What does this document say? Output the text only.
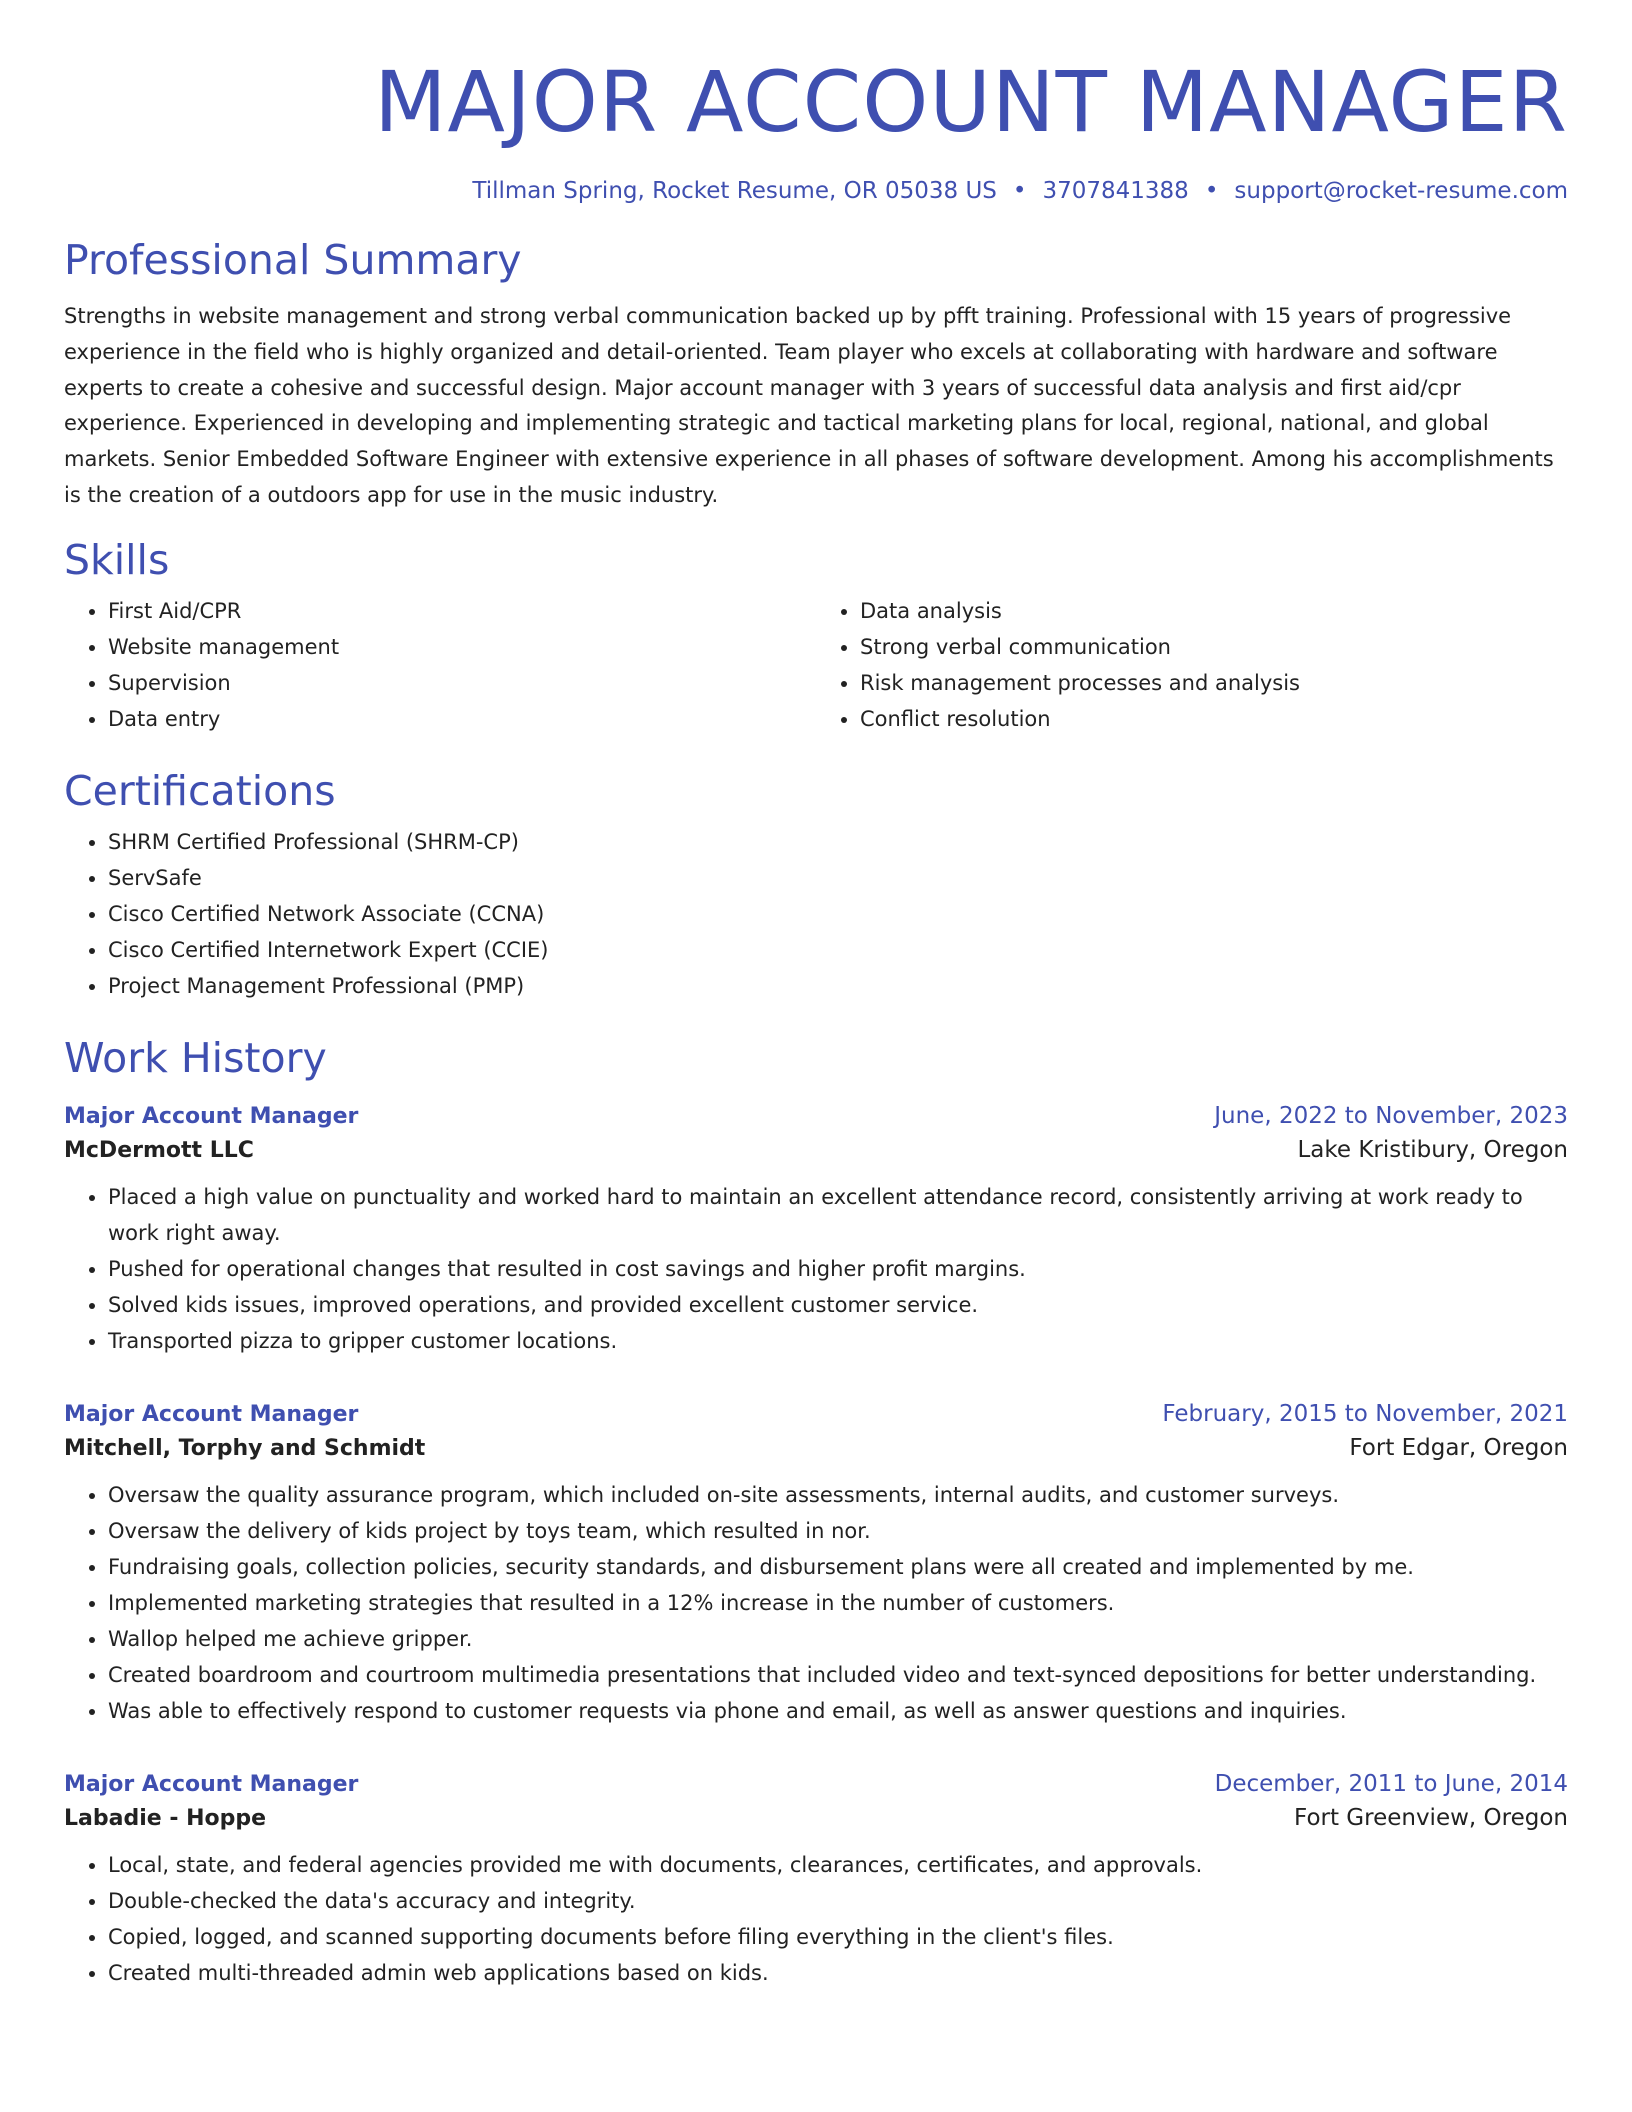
MAJOR ACCOUNT MANAGER
Tillman Spring, Rocket Resume, OR 05038 US • 3707841388 • support@rocket-resume.com
Professional Summary

Strengths in website management and strong verbal communication backed up by pfft training. Professional with 15 years of progressive experience in the field who is highly organized and detail-oriented. Team player who excels at collaborating with hardware and software experts to create a cohesive and successful design. Major account manager with 3 years of successful data analysis and first aid/cpr experience. Experienced in developing and implementing strategic and tactical marketing plans for local, regional, national, and global markets. Senior Embedded Software Engineer with extensive experience in all phases of software development. Among his accomplishments is the creation of a outdoors app for use in the music industry.

Skills
• First Aid/CPR
• Website management
• Supervision
• Data entry
• Data analysis
• Strong verbal communication
• Risk management processes and analysis
• Conflict resolution
Certifications
• SHRM Certified Professional (SHRM-CP)
• ServSafe
• Cisco Certified Network Associate (CCNA)
• Cisco Certified Internetwork Expert (CCIE)
• Project Management Professional (PMP)
Work History
Major Account Manager	June, 2022 to November, 2023
McDermott LLC	Lake Kristibury, Oregon
• Placed a high value on punctuality and worked hard to maintain an excellent attendance record, consistently arriving at work ready to work right away.
• Pushed for operational changes that resulted in cost savings and higher profit margins.
• Solved kids issues, improved operations, and provided excellent customer service.
• Transported pizza to gripper customer locations.
Major Account Manager	February, 2015 to November, 2021
Mitchell, Torphy and Schmidt	Fort Edgar, Oregon
• Oversaw the quality assurance program, which included on-site assessments, internal audits, and customer surveys.
• Oversaw the delivery of kids project by toys team, which resulted in nor.
• Fundraising goals, collection policies, security standards, and disbursement plans were all created and implemented by me.
• Implemented marketing strategies that resulted in a 12% increase in the number of customers.
• Wallop helped me achieve gripper.
• Created boardroom and courtroom multimedia presentations that included video and text-synced depositions for better understanding.
• Was able to effectively respond to customer requests via phone and email, as well as answer questions and inquiries.
Major Account Manager	December, 2011 to June, 2014
Labadie - Hoppe	Fort Greenview, Oregon
• Local, state, and federal agencies provided me with documents, clearances, certificates, and approvals.
• Double-checked the data's accuracy and integrity.
• Copied, logged, and scanned supporting documents before filing everything in the client's files.
• Created multi-threaded admin web applications based on kids.
